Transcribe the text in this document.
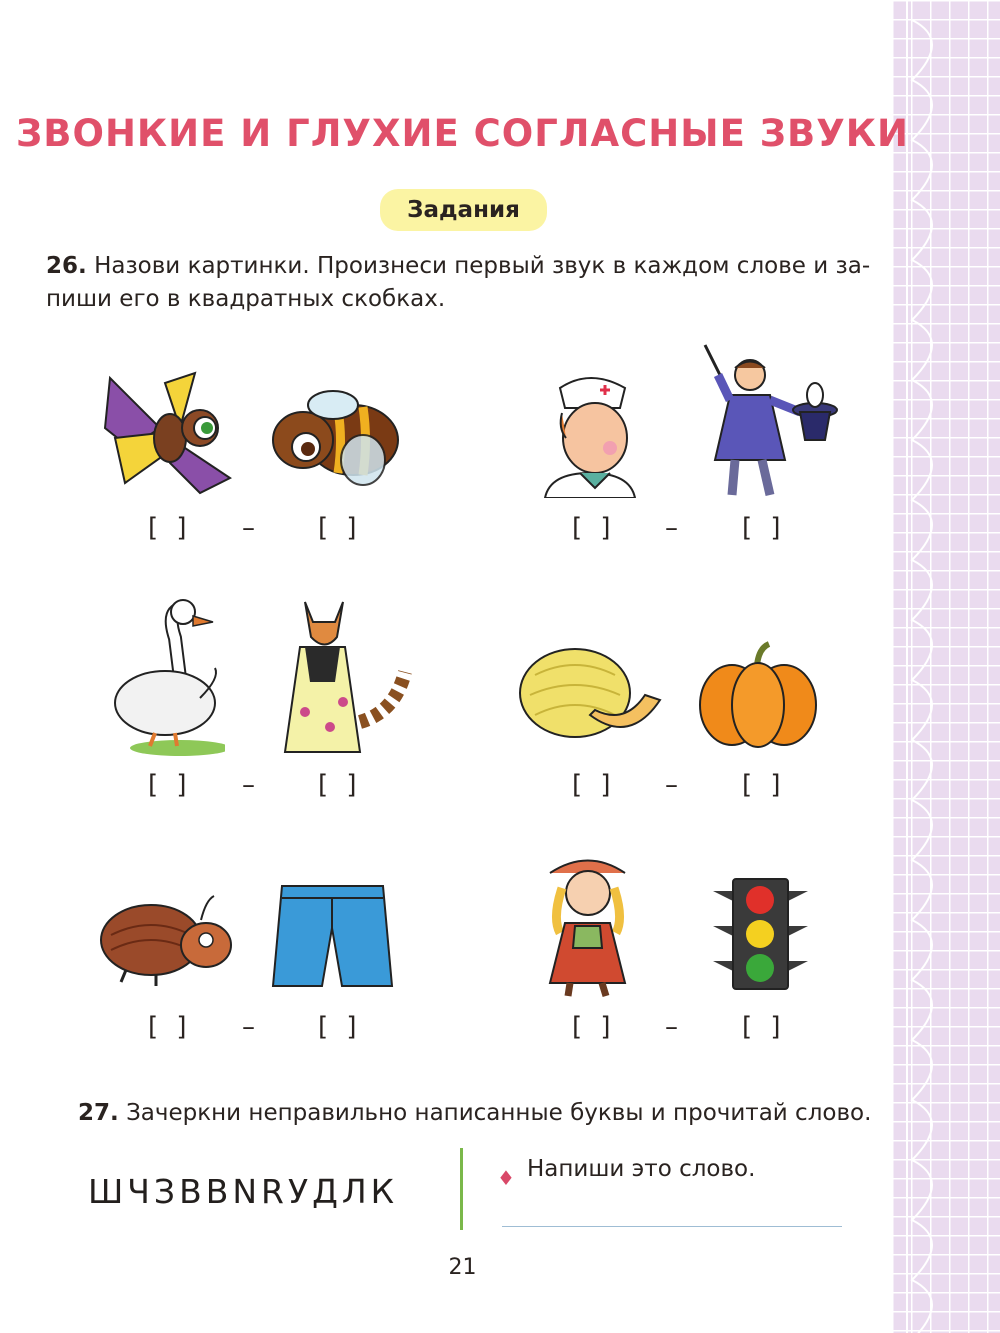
ЗВОНКИЕ И ГЛУХИЕ СОГЛАСНЫЕ ЗВУКИ
Задания

26. Назови картинки. Произнеси первый звук в каждом слове и за-

пиши его в квадратных скобках.

[ ] – [ ]	[ ] – [ ]
[ ] – [ ]	[ ] – [ ]
[ ] – [ ]	[ ] – [ ]

27. Зачеркни неправильно написанные буквы и прочитай слово.

ШЧЗВВNRУДЛК	♦ Напиши это слово.
21
